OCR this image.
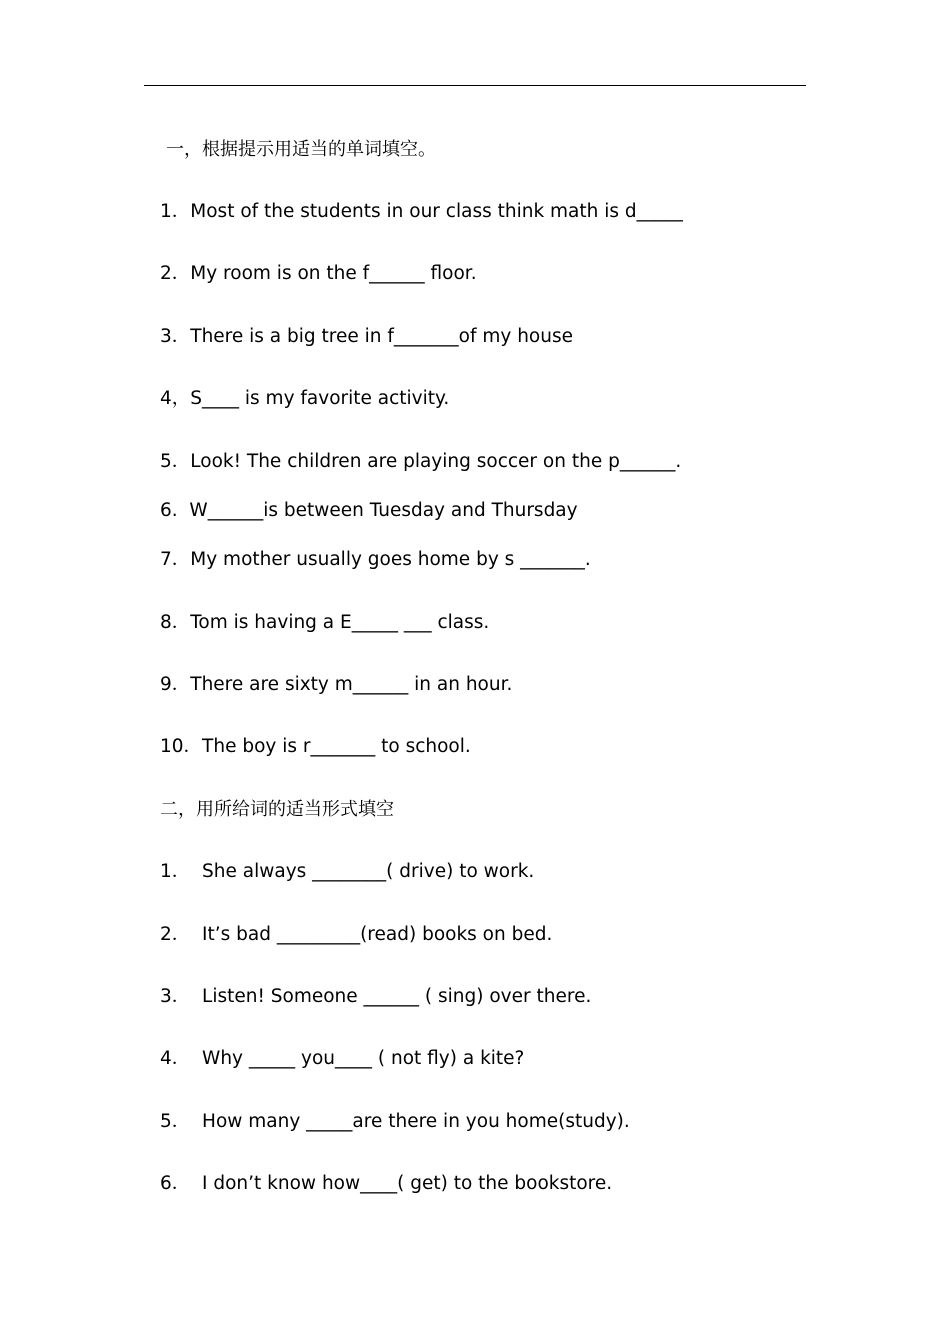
一，根据提示用适当的单词填空。
1．Most of the students in our class think math is d_____
2．My room is on the f______ floor.
3．There is a big tree in f_______of my house
4，S____ is my favorite activity.
5．Look! The children are playing soccer on the p______.
6.  W______is between Tuesday and Thursday
7．My mother usually goes home by s _______.
8．Tom is having a E_____ ___ class.
9．There are sixty m______ in an hour.
10．The boy is r_______ to school.
二，用所给词的适当形式填空
1．  She always ________( drive) to work.
2．  It’s bad _________(read) books on bed.
3．  Listen! Someone ______ ( sing) over there.
4．  Why _____ you____ ( not fly) a kite?
5．  How many _____are there in you home(study).
6．  I don’t know how____( get) to the bookstore.
